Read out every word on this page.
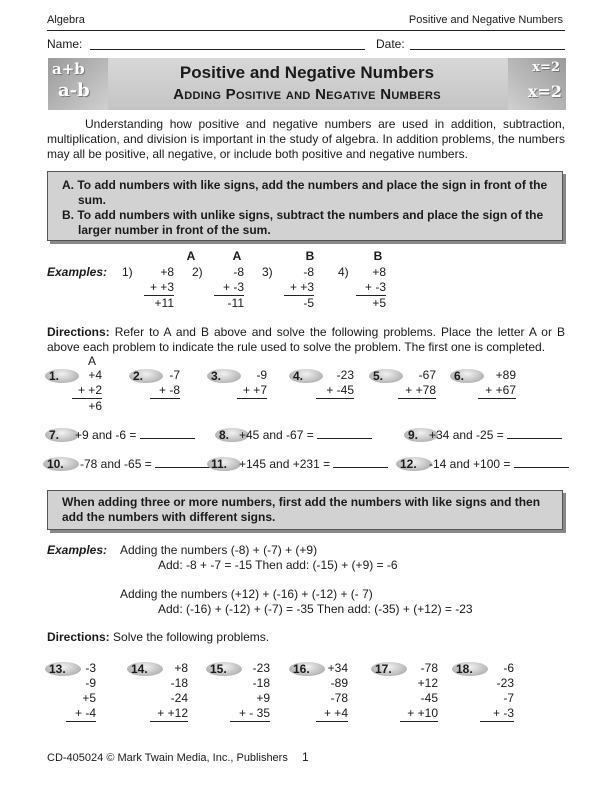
Algebra	Positive and Negative Numbers
Name:	Date:
a+b
a-b
Positive and Negative Numbers
Adding Positive and Negative Numbers
x=2
x=2
Understanding how positive and negative numbers are used in addition, subtraction, multiplication, and division is important in the study of algebra. In addition problems, the numbers may all be positive, all negative, or include both positive and negative numbers.
A. To add numbers with like signs, add the numbers and place the sign in front of the sum.
B. To add numbers with unlike signs, subtract the numbers and place the sign of the larger number in front of the sum.
Examples: 1)
A
+8
+ +3
+11
2)
A
-8
+ -3
-11
3)
B
-8
+ +3
-5
4)
B
+8
+ -3
+5
Directions: Refer to A and B above and solve the following problems. Place the letter A or B above each problem to indicate the rule used to solve the problem. The first one is completed.
A
1.	+4
+ +2
+6
2.	-7
+ -8
3.	-9
+ +7
4.	-23
+ -45
5.	-67
+ +78
6.	+89
+ +67
7.	+9 and -6 =	8. +45 and -67 =	9. +34 and -25 =
10.	-78 and -65 =	11. +145 and +231 =	12.	-14 and +100 =
When adding three or more numbers, first add the numbers with like signs and then add the numbers with different signs.
Examples: Adding the numbers (-8) + (-7) + (+9)
Add: -8 + -7 = -15 Then add: (-15) + (+9) = -6
Adding the numbers (+12) + (-16) + (-12) + (- 7)
Add: (-16) + (-12) + (-7) = -35 Then add: (-35) + (+12) = -23
Directions: Solve the following problems.
13.	-3
-9
+5
+ -4
14.	+8
-18
-24
+ +12
15.	-23
-18
+9
+ - 35
16.	+34
-89
-78
+ +4
17.	-78
+12
-45
+ +10
18.	-6
-23
-7
+ -3
CD-405024 © Mark Twain Media, Inc., Publishers 1
